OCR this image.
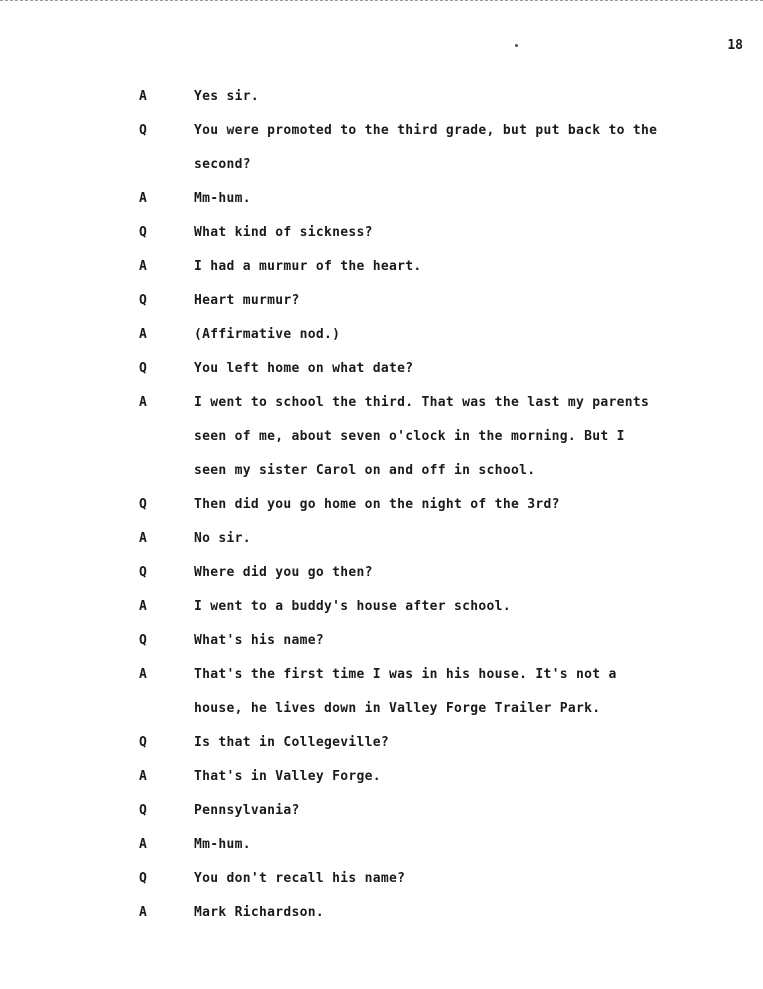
18
A	Yes sir.
Q	You were promoted to the third grade, but put back to the
second?
A	Mm-hum.
Q	What kind of sickness?
A	I had a murmur of the heart.
Q	Heart murmur?
A	(Affirmative nod.)
Q	You left home on what date?
A	I went to school the third. That was the last my parents
seen of me, about seven o'clock in the morning. But I
seen my sister Carol on and off in school.
Q	Then did you go home on the night of the 3rd?
A	No sir.
Q	Where did you go then?
A	I went to a buddy's house after school.
Q	What's his name?
A	That's the first time I was in his house. It's not a
house, he lives down in Valley Forge Trailer Park.
Q	Is that in Collegeville?
A	That's in Valley Forge.
Q	Pennsylvania?
A	Mm-hum.
Q	You don't recall his name?
A	Mark Richardson.
